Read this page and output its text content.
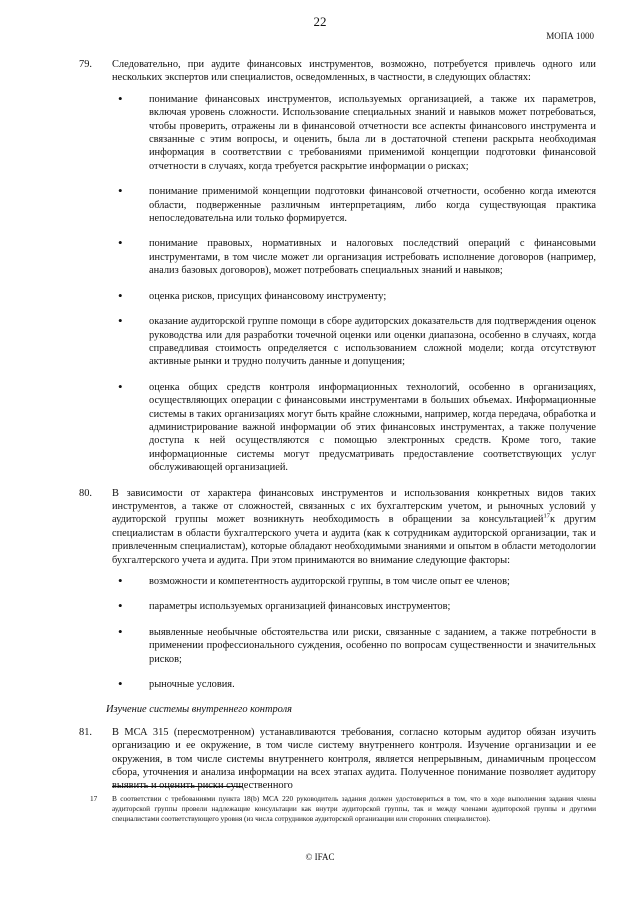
22
МОПА 1000
79. Следовательно, при аудите финансовых инструментов, возможно, потребуется привлечь одного или нескольких экспертов или специалистов, осведомленных, в частности, в следующих областях:
•	понимание финансовых инструментов, используемых организацией, а также их параметров, включая уровень сложности. Использование специальных знаний и навыков может потребоваться, чтобы проверить, отражены ли в финансовой отчетности все аспекты финансового инструмента и связанные с этим вопросы, и оценить, была ли в достаточной степени раскрыта необходимая информация в соответствии с требованиями применимой концепции подготовки финансовой отчетности в случаях, когда требуется раскрытие информации о рисках;
•	понимание применимой концепции подготовки финансовой отчетности, особенно когда имеются области, подверженные различным интерпретациям, либо когда существующая практика непоследовательна или только формируется.
•	понимание правовых, нормативных и налоговых последствий операций с финансовыми инструментами, в том числе может ли организация истребовать исполнение договоров (например, анализ базовых договоров), может потребовать специальных знаний и навыков;
•	оценка рисков, присущих финансовому инструменту;
•	оказание аудиторской группе помощи в сборе аудиторских доказательств для подтверждения оценок руководства или для разработки точечной оценки или оценки диапазона, особенно в случаях, когда справедливая стоимость определяется с использованием сложной модели; когда отсутствуют активные рынки и трудно получить данные и допущения;
•	оценка общих средств контроля информационных технологий, особенно в организациях, осуществляющих операции с финансовыми инструментами в больших объемах. Информационные системы в таких организациях могут быть крайне сложными, например, когда передача, обработка и администрирование важной информации об этих финансовых инструментах, а также получение доступа к ней осуществляются с помощью электронных средств. Кроме того, такие информационные системы могут предусматривать предоставление соответствующих услуг обслуживающей организацией.
80. В зависимости от характера финансовых инструментов и использования конкретных видов таких инструментов, а также от сложностей, связанных с их бухгалтерским учетом, и рыночных условий у аудиторской группы может возникнуть необходимость в обращении за консультацией$^{17}$к другим специалистам в области бухгалтерского учета и аудита (как к сотрудникам аудиторской организации, так и привлеченным специалистам), которые обладают необходимыми знаниями и опытом в области методологии бухгалтерского учета и аудита. При этом принимаются во внимание следующие факторы:
•	возможности и компетентность аудиторской группы, в том числе опыт ее членов;
•	параметры используемых организацией финансовых инструментов;
•	выявленные необычные обстоятельства или риски, связанные с заданием, а также потребности в применении профессионального суждения, особенно по вопросам существенности и значительных рисков;
•	рыночные условия.
Изучение системы внутреннего контроля
81. В МСА 315 (пересмотренном) устанавливаются требования, согласно которым аудитор обязан изучить организацию и ее окружение, в том числе систему внутреннего контроля. Изучение организации и ее окружения, в том числе системы внутреннего контроля, является непрерывным, динамичным процессом сбора, уточнения и анализа информации на всех этапах аудита. Полученное понимание позволяет аудитору выявить и оценить риски существенного
17 В соответствии с требованиями пункта 18(b) МСА 220 руководитель задания должен удостовериться в том, что в ходе выполнения задания члены аудиторской группы провели надлежащие консультации как внутри аудиторской группы, так и между членами аудиторской группы и другими специалистами соответствующего уровня (из числа сотрудников аудиторской организации или сторонних специалистов).
© IFAC
